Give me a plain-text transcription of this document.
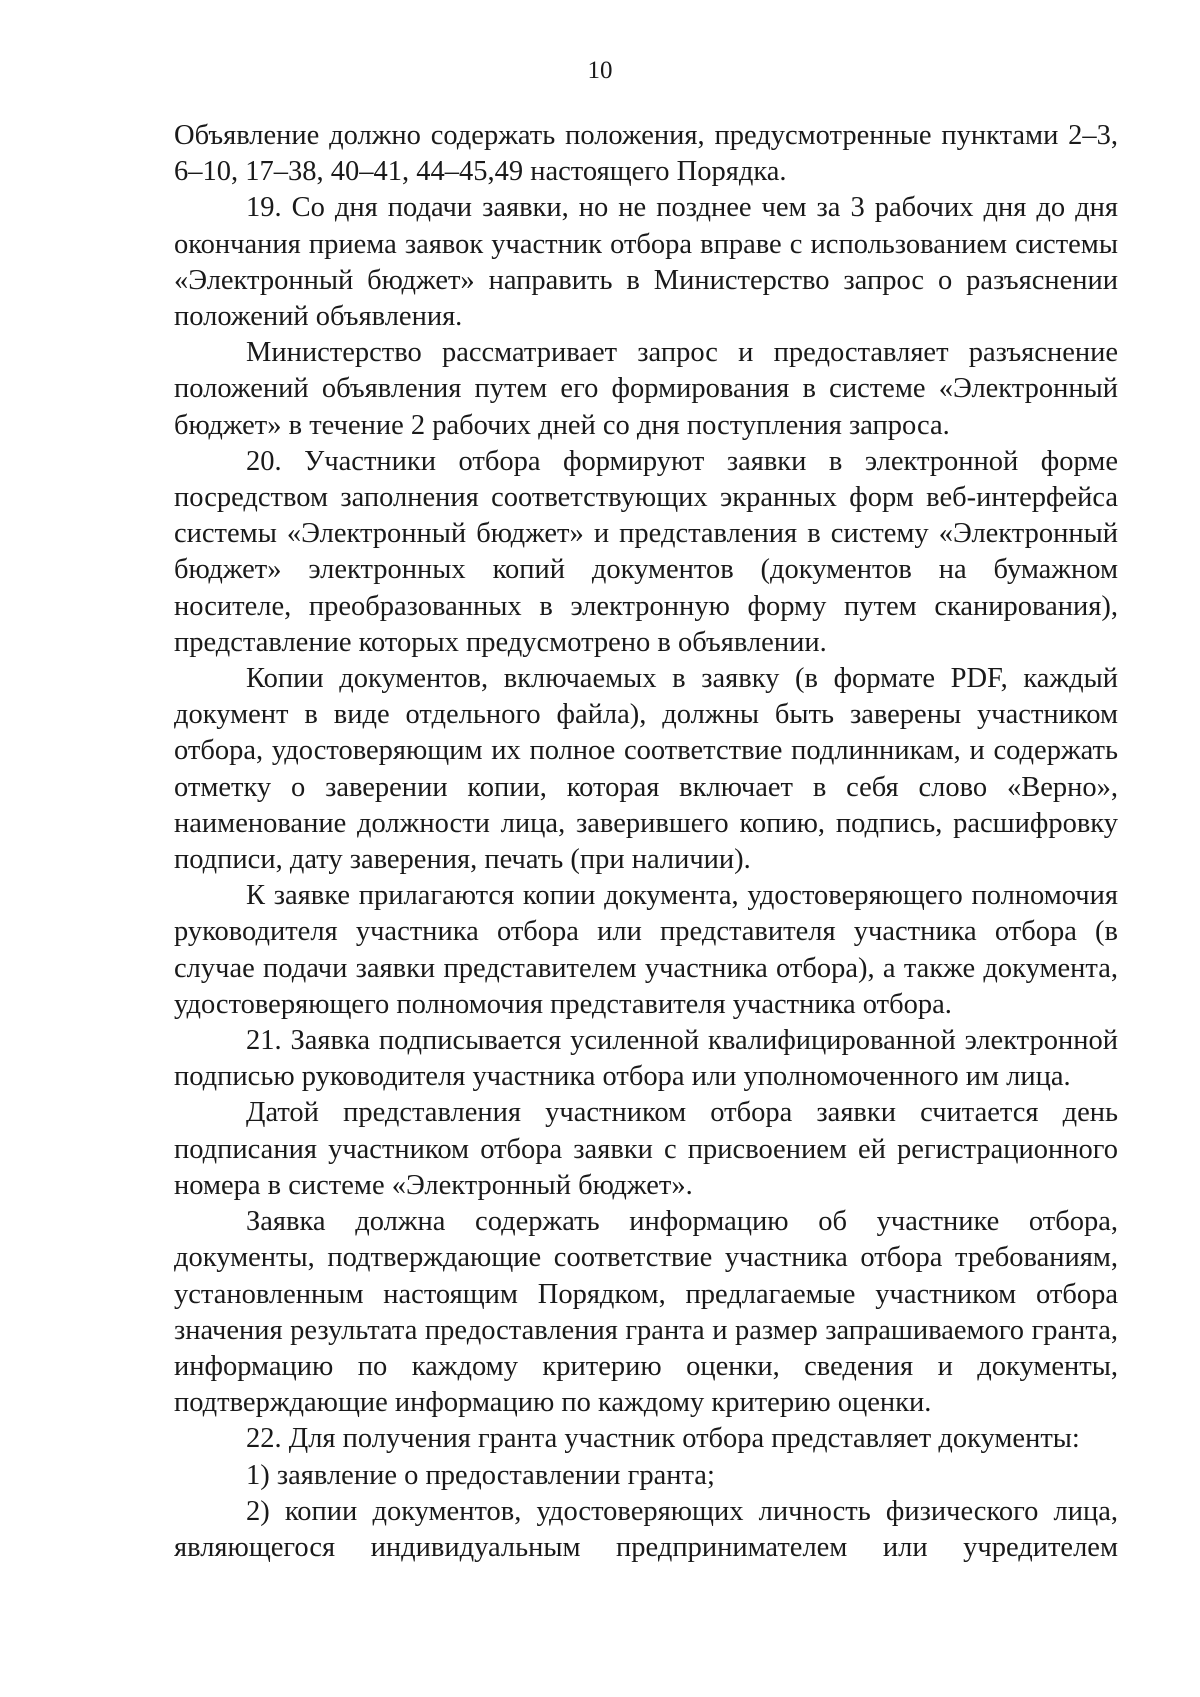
10

Объявление должно содержать положения, предусмотренные пунктами 2–3, 6–10, 17–38, 40–41, 44–45,49 настоящего Порядка.

19. Со дня подачи заявки, но не позднее чем за 3 рабочих дня до дня окончания приема заявок участник отбора вправе с использованием системы «Электронный бюджет» направить в Министерство запрос о разъяснении положений объявления.

Министерство рассматривает запрос и предоставляет разъяснение положений объявления путем его формирования в системе «Электронный бюджет» в течение 2 рабочих дней со дня поступления запроса.

20. Участники отбора формируют заявки в электронной форме посредством заполнения соответствующих экранных форм веб-интерфейса системы «Электронный бюджет» и представления в систему «Электронный бюджет» электронных копий документов (документов на бумажном носителе, преобразованных в электронную форму путем сканирования), представление которых предусмотрено в объявлении.

Копии документов, включаемых в заявку (в формате PDF, каждый документ в виде отдельного файла), должны быть заверены участником отбора, удостоверяющим их полное соответствие подлинникам, и содержать отметку о заверении копии, которая включает в себя слово «Верно», наименование должности лица, заверившего копию, подпись, расшифровку подписи, дату заверения, печать (при наличии).

К заявке прилагаются копии документа, удостоверяющего полномочия руководителя участника отбора или представителя участника отбора (в случае подачи заявки представителем участника отбора), а также документа, удостоверяющего полномочия представителя участника отбора.

21. Заявка подписывается усиленной квалифицированной электронной подписью руководителя участника отбора или уполномоченного им лица.

Датой представления участником отбора заявки считается день подписания участником отбора заявки с присвоением ей регистрационного номера в системе «Электронный бюджет».

Заявка должна содержать информацию об участнике отбора, документы, подтверждающие соответствие участника отбора требованиям, установленным настоящим Порядком, предлагаемые участником отбора значения результата предоставления гранта и размер запрашиваемого гранта, информацию по каждому критерию оценки, сведения и документы, подтверждающие информацию по каждому критерию оценки.

22. Для получения гранта участник отбора представляет документы:

1) заявление о предоставлении гранта;

2) копии документов, удостоверяющих личность физического лица, являющегося индивидуальным предпринимателем или учредителем
